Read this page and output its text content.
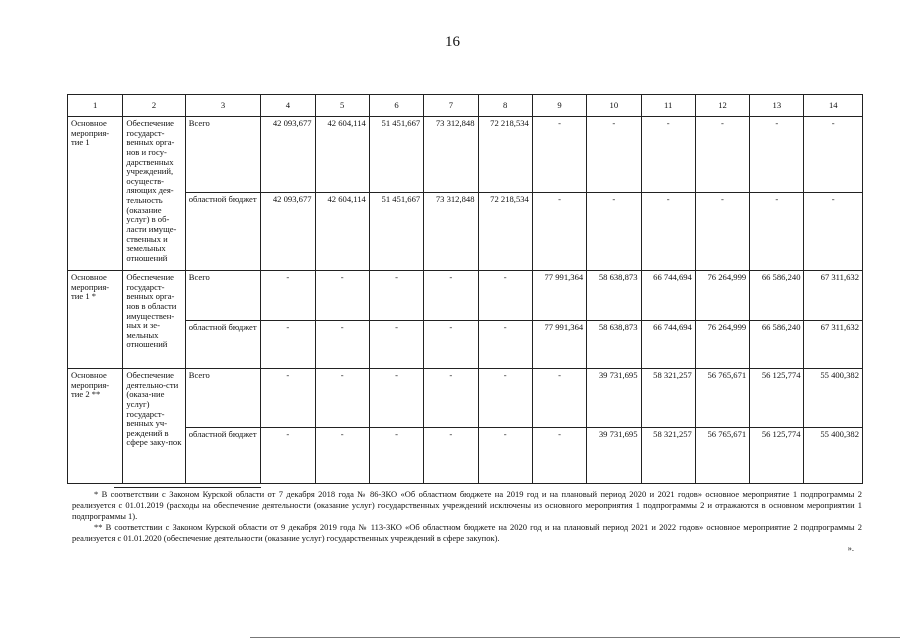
16
1	2	3	4	5	6	7	8	9	10	11	12	13	14
Основное мероприя-тие 1	Обеспечение государст-венных орга-нов и госу-дарственных учреждений, осуществ-ляющих дея-тельность (оказание услуг) в об-ласти имуще-ственных и земельных отношений	Всего	42 093,677	42 604,114	51 451,667	73 312,848	72 218,534	-	-	-	-	-	-
		областной бюджет	42 093,677	42 604,114	51 451,667	73 312,848	72 218,534	-	-	-	-	-	-
Основное мероприя-тие 1 *	Обеспечение государст-венных орга-нов в области имуществен-ных и зе-мельных отношений	Всего	-	-	-	-	-	77 991,364	58 638,873	66 744,694	76 264,999	66 586,240	67 311,632
		областной бюджет	-	-	-	-	-	77 991,364	58 638,873	66 744,694	76 264,999	66 586,240	67 311,632
Основное мероприя-тие 2 **	Обеспечение деятельно-сти (оказа-ние услуг) государст-венных уч-реждений в сфере заку-пок	Всего	-	-	-	-	-	-	39 731,695	58 321,257	56 765,671	56 125,774	55 400,382
		областной бюджет	-	-	-	-	-	-	39 731,695	58 321,257	56 765,671	56 125,774	55 400,382

* В соответствии с Законом Курской области от 7 декабря 2018 года № 86-ЗКО «Об областном бюджете на 2019 год и на плановый период 2020 и 2021 годов» основное мероприятие 1 подпрограммы 2 реализуется с 01.01.2019 (расходы на обеспечение деятельности (оказание услуг) государственных учреждений исключены из основного мероприятия 1 подпрограммы 2 и отражаются в основном мероприятии 1 подпрограммы 1).

** В соответствии с Законом Курской области от 9 декабря 2019 года № 113-ЗКО «Об областном бюджете на 2020 год и на плановый период 2021 и 2022 годов» основное мероприятие 2 подпрограммы 2 реализуется с 01.01.2020 (обеспечение деятельности (оказание услуг) государственных учреждений в сфере закупок).

».
